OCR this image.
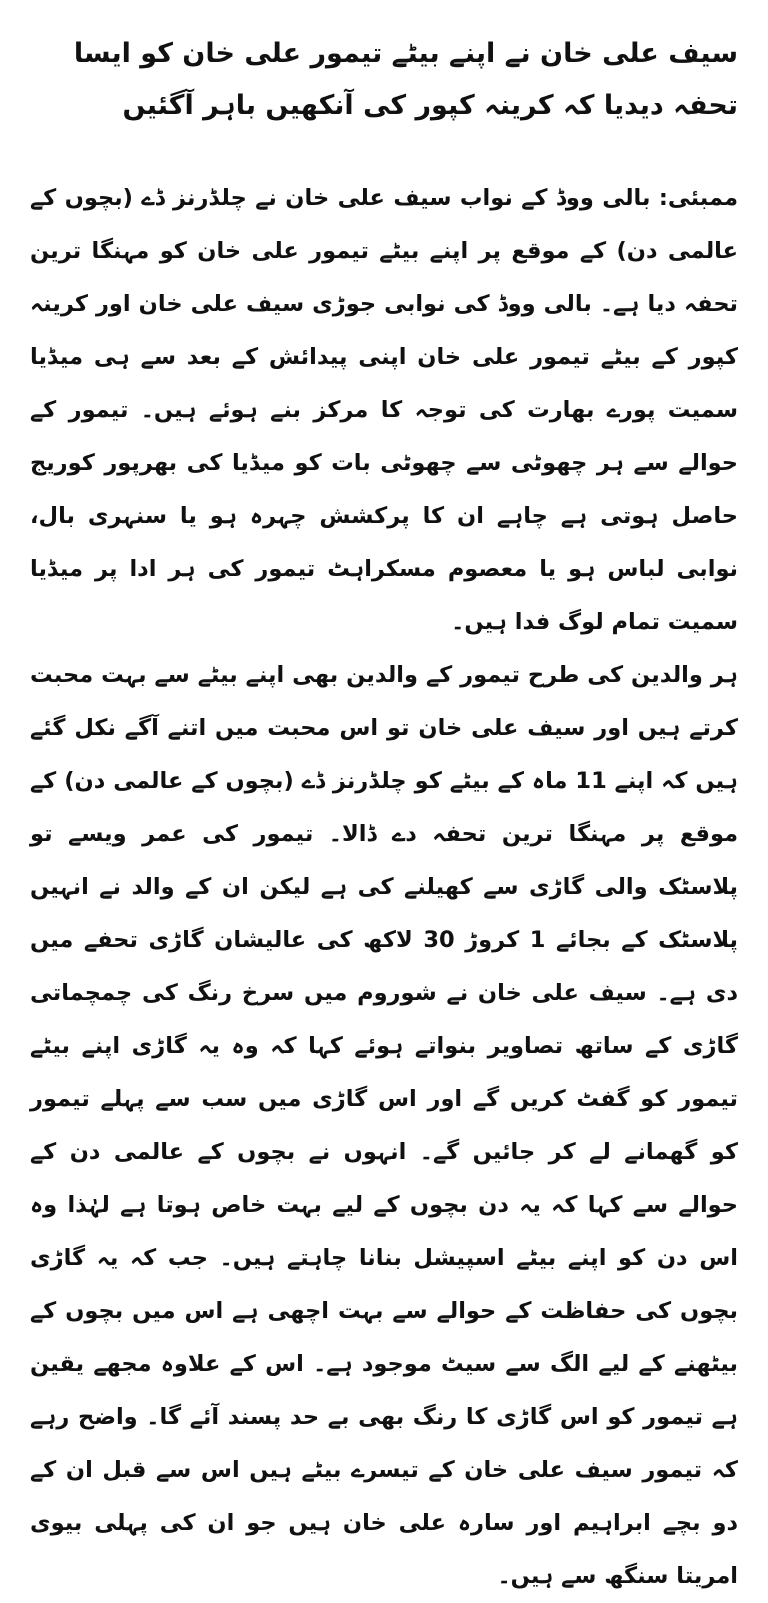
سیف علی خان نے اپنے بیٹے تیمور علی خان کو ایسا تحفہ دیدیا کہ کرینہ کپور کی آنکھیں باہر آگئیں

ممبئی: بالی ووڈ کے نواب سیف علی خان نے چلڈرنز ڈے (بچوں کے عالمی دن) کے موقع پر اپنے بیٹے تیمور علی خان کو مہنگا ترین تحفہ دیا ہے۔ بالی ووڈ کی نوابی جوڑی سیف علی خان اور کرینہ کپور کے بیٹے تیمور علی خان اپنی پیدائش کے بعد سے ہی میڈیا سمیت پورے بھارت کی توجہ کا مرکز بنے ہوئے ہیں۔ تیمور کے حوالے سے ہر چھوٹی سے چھوٹی بات کو میڈیا کی بھرپور کوریج حاصل ہوتی ہے چاہے ان کا پرکشش چہرہ ہو یا سنہری بال، نوابی لباس ہو یا معصوم مسکراہٹ تیمور کی ہر ادا پر میڈیا سمیت تمام لوگ فدا ہیں۔

ہر والدین کی طرح تیمور کے والدین بھی اپنے بیٹے سے بہت محبت کرتے ہیں اور سیف علی خان تو اس محبت میں اتنے آگے نکل گئے ہیں کہ اپنے 11 ماہ کے بیٹے کو چلڈرنز ڈے (بچوں کے عالمی دن) کے موقع پر مہنگا ترین تحفہ دے ڈالا۔ تیمور کی عمر ویسے تو پلاسٹک والی گاڑی سے کھیلنے کی ہے لیکن ان کے والد نے انہیں پلاسٹک کے بجائے 1 کروڑ 30 لاکھ کی عالیشان گاڑی تحفے میں دی ہے۔ سیف علی خان نے شوروم میں سرخ رنگ کی چمچماتی گاڑی کے ساتھ تصاویر بنواتے ہوئے کہا کہ وہ یہ گاڑی اپنے بیٹے تیمور کو گفٹ کریں گے اور اس گاڑی میں سب سے پہلے تیمور کو گھمانے لے کر جائیں گے۔ انہوں نے بچوں کے عالمی دن کے حوالے سے کہا کہ یہ دن بچوں کے لیے بہت خاص ہوتا ہے لہٰذا وہ اس دن کو اپنے بیٹے اسپیشل بنانا چاہتے ہیں۔ جب کہ یہ گاڑی بچوں کی حفاظت کے حوالے سے بہت اچھی ہے اس میں بچوں کے بیٹھنے کے لیے الگ سے سیٹ موجود ہے۔ اس کے علاوہ مجھے یقین ہے تیمور کو اس گاڑی کا رنگ بھی بے حد پسند آئے گا۔ واضح رہے کہ تیمور سیف علی خان کے تیسرے بیٹے ہیں اس سے قبل ان کے دو بچے ابراہیم اور سارہ علی خان ہیں جو ان کی پہلی بیوی امریتا سنگھ سے ہیں۔
